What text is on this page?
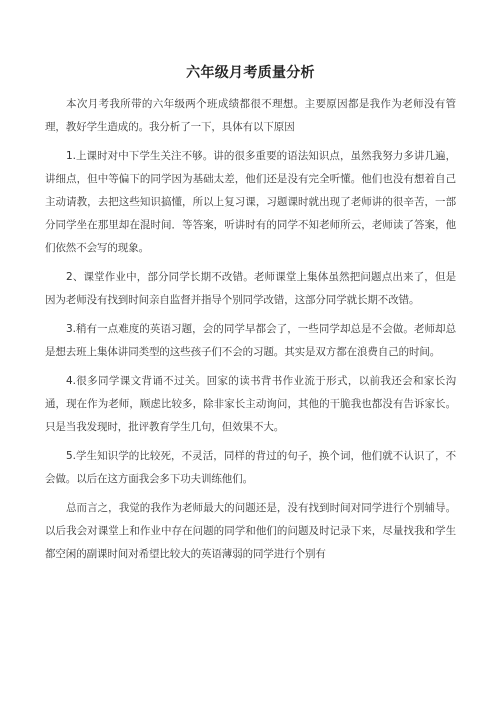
六年级月考质量分析

本次月考我所带的六年级两个班成绩都很不理想。主要原因都是我作为老师没有管理，教好学生造成的。我分析了一下，具体有以下原因

1.上课时对中下学生关注不够。讲的很多重要的语法知识点，虽然我努力多讲几遍，讲细点，但中等偏下的同学因为基础太差，他们还是没有完全听懂。他们也没有想着自己主动请教，去把这些知识搞懂，所以上复习课，习题课时就出现了老师讲的很辛苦，一部分同学坐在那里却在混时间．等答案，听讲时有的同学不知老师所云，老师读了答案，他们依然不会写的现象。

2、课堂作业中，部分同学长期不改错。老师课堂上集体虽然把问题点出来了，但是因为老师没有找到时间亲自监督并指导个别同学改错，这部分同学就长期不改错。

3.稍有一点难度的英语习题，会的同学早都会了，一些同学却总是不会做。老师却总是想去班上集体讲同类型的这些孩子们不会的习题。其实是双方都在浪费自己的时间。

4.很多同学课文背诵不过关。回家的读书背书作业流于形式，以前我还会和家长沟通，现在作为老师，顾虑比较多，除非家长主动询问，其他的干脆我也都没有告诉家长。只是当我发现时，批评教育学生几句，但效果不大。

5.学生知识学的比较死，不灵活，同样的背过的句子，换个词，他们就不认识了，不会做。以后在这方面我会多下功夫训练他们。

总而言之，我觉的我作为老师最大的问题还是，没有找到时间对同学进行个别辅导。以后我会对课堂上和作业中存在问题的同学和他们的问题及时记录下来，尽量找我和学生都空闲的副课时间对希望比较大的英语薄弱的同学进行个别有
